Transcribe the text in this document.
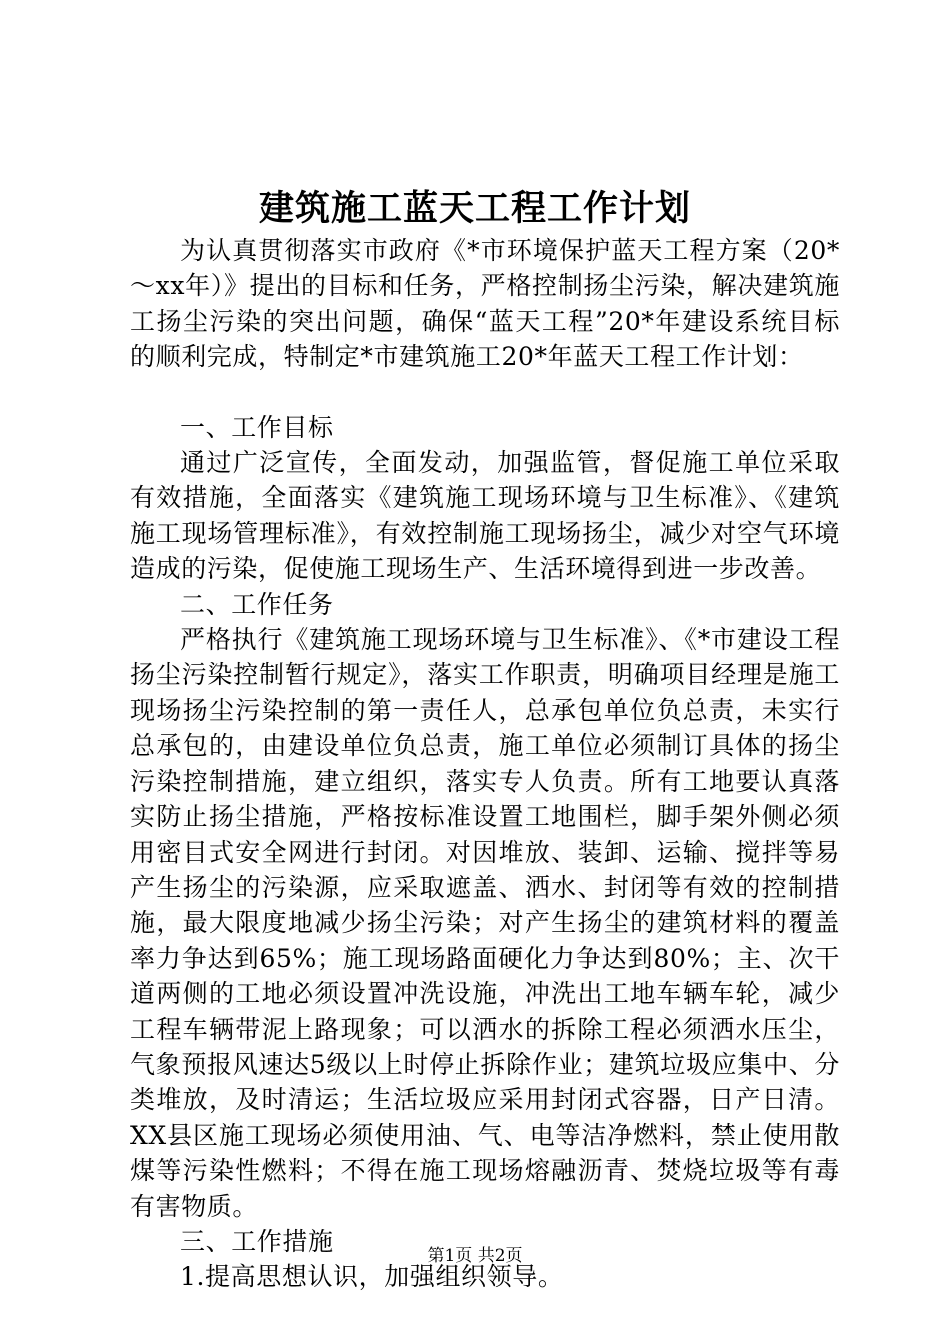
建筑施工蓝天工程工作计划

为认真贯彻落实市政府《*市环境保护蓝天工程方案（20*～xx年）》提出的目标和任务，严格控制扬尘污染，解决建筑施工扬尘污染的突出问题，确保“蓝天工程”20*年建设系统目标的顺利完成，特制定*市建筑施工20*年蓝天工程工作计划：

一、工作目标

通过广泛宣传，全面发动，加强监管，督促施工单位采取有效措施，全面落实《建筑施工现场环境与卫生标准》、《建筑施工现场管理标准》，有效控制施工现场扬尘，减少对空气环境造成的污染，促使施工现场生产、生活环境得到进一步改善。

二、工作任务

严格执行《建筑施工现场环境与卫生标准》、《*市建设工程扬尘污染控制暂行规定》，落实工作职责，明确项目经理是施工现场扬尘污染控制的第一责任人，总承包单位负总责，未实行总承包的，由建设单位负总责，施工单位必须制订具体的扬尘污染控制措施，建立组织，落实专人负责。所有工地要认真落实防止扬尘措施，严格按标准设置工地围栏，脚手架外侧必须用密目式安全网进行封闭。对因堆放、装卸、运输、搅拌等易产生扬尘的污染源，应采取遮盖、洒水、封闭等有效的控制措施，最大限度地减少扬尘污染；对产生扬尘的建筑材料的覆盖率力争达到65%；施工现场路面硬化力争达到80%；主、次干道两侧的工地必须设置冲洗设施，冲洗出工地车辆车轮，减少工程车辆带泥上路现象；可以洒水的拆除工程必须洒水压尘，气象预报风速达5级以上时停止拆除作业；建筑垃圾应集中、分类堆放，及时清运；生活垃圾应采用封闭式容器，日产日清。XX县区施工现场必须使用油、气、电等洁净燃料，禁止使用散煤等污染性燃料；不得在施工现场熔融沥青、焚烧垃圾等有毒有害物质。

三、工作措施

1.提高思想认识，加强组织领导。

第1页 共2页
